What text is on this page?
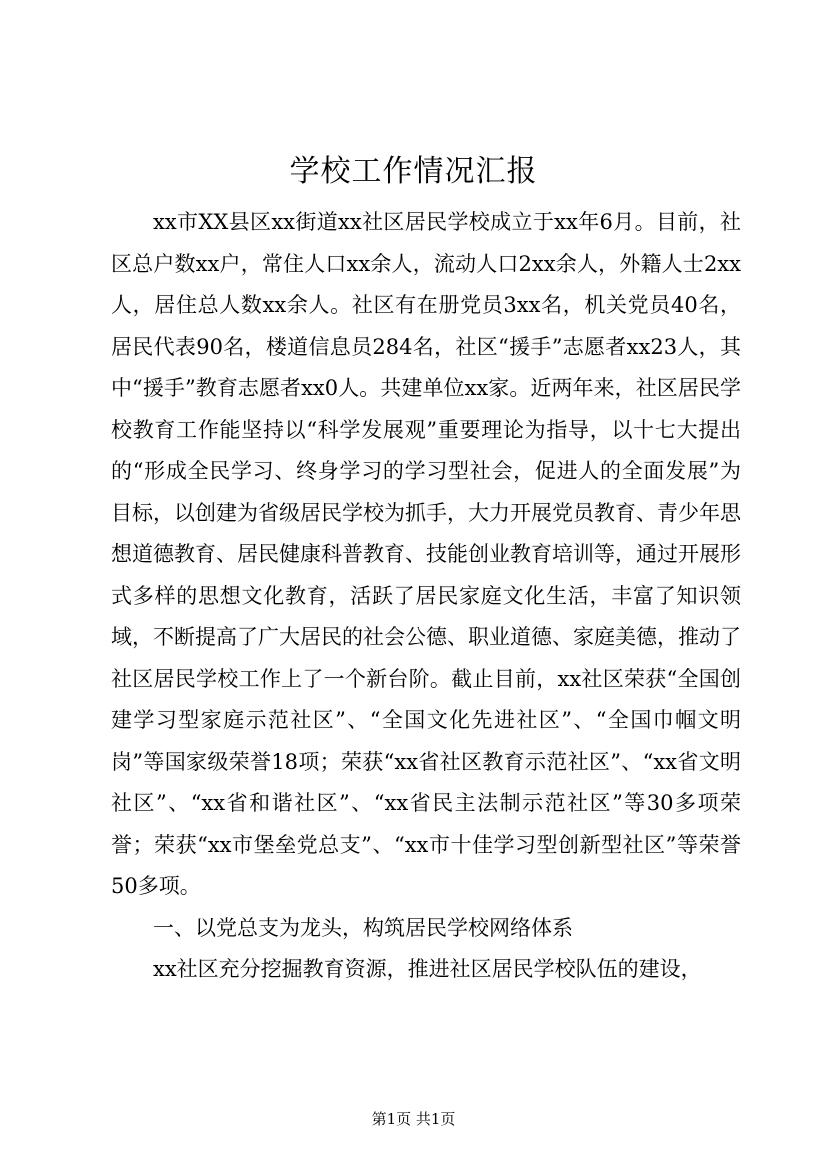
学校工作情况汇报

xx市XX县区xx街道xx社区居民学校成立于xx年6月。目前，社区总户数xx户，常住人口xx余人，流动人口2xx余人，外籍人士2xx人，居住总人数xx余人。社区有在册党员3xx名，机关党员40名，居民代表90名，楼道信息员284名，社区“援手”志愿者xx23人，其中“援手”教育志愿者xx0人。共建单位xx家。近两年来，社区居民学校教育工作能坚持以“科学发展观”重要理论为指导，以十七大提出的“形成全民学习、终身学习的学习型社会，促进人的全面发展”为目标，以创建为省级居民学校为抓手，大力开展党员教育、青少年思想道德教育、居民健康科普教育、技能创业教育培训等，通过开展形式多样的思想文化教育，活跃了居民家庭文化生活，丰富了知识领域，不断提高了广大居民的社会公德、职业道德、家庭美德，推动了社区居民学校工作上了一个新台阶。截止目前，xx社区荣获“全国创建学习型家庭示范社区”、“全国文化先进社区”、“全国巾帼文明岗”等国家级荣誉18项；荣获“xx省社区教育示范社区”、“xx省文明社区”、“xx省和谐社区”、“xx省民主法制示范社区”等30多项荣誉；荣获“xx市堡垒党总支”、“xx市十佳学习型创新型社区”等荣誉50多项。

一、以党总支为龙头，构筑居民学校网络体系

xx社区充分挖掘教育资源，推进社区居民学校队伍的建设，

第1页 共1页
